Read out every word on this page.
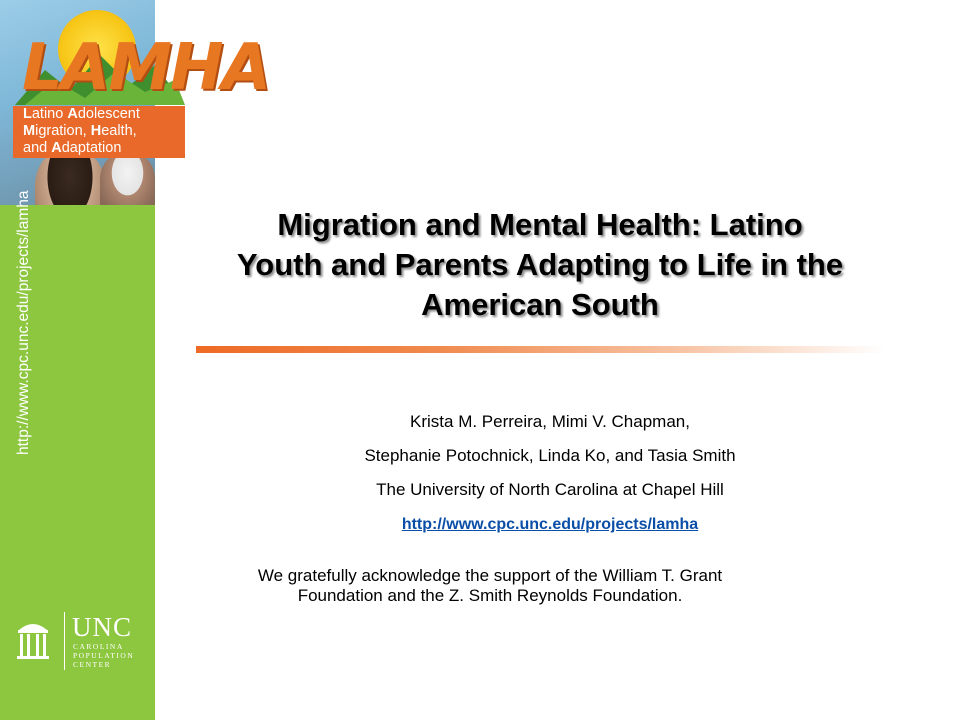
LAMHA
Latino Adolescent
Migration, Health,
and Adaptation
http://www.cpc.unc.edu/projects/lamha
UNC
CAROLINA
POPULATION
CENTER
Migration and Mental Health: Latino
Youth and Parents Adapting to Life in the
American South
Krista M. Perreira, Mimi V. Chapman,
Stephanie Potochnick, Linda Ko, and Tasia Smith
The University of North Carolina at Chapel Hill
http://www.cpc.unc.edu/projects/lamha
We gratefully acknowledge the support of the William T. Grant
Foundation and the Z. Smith Reynolds Foundation.
